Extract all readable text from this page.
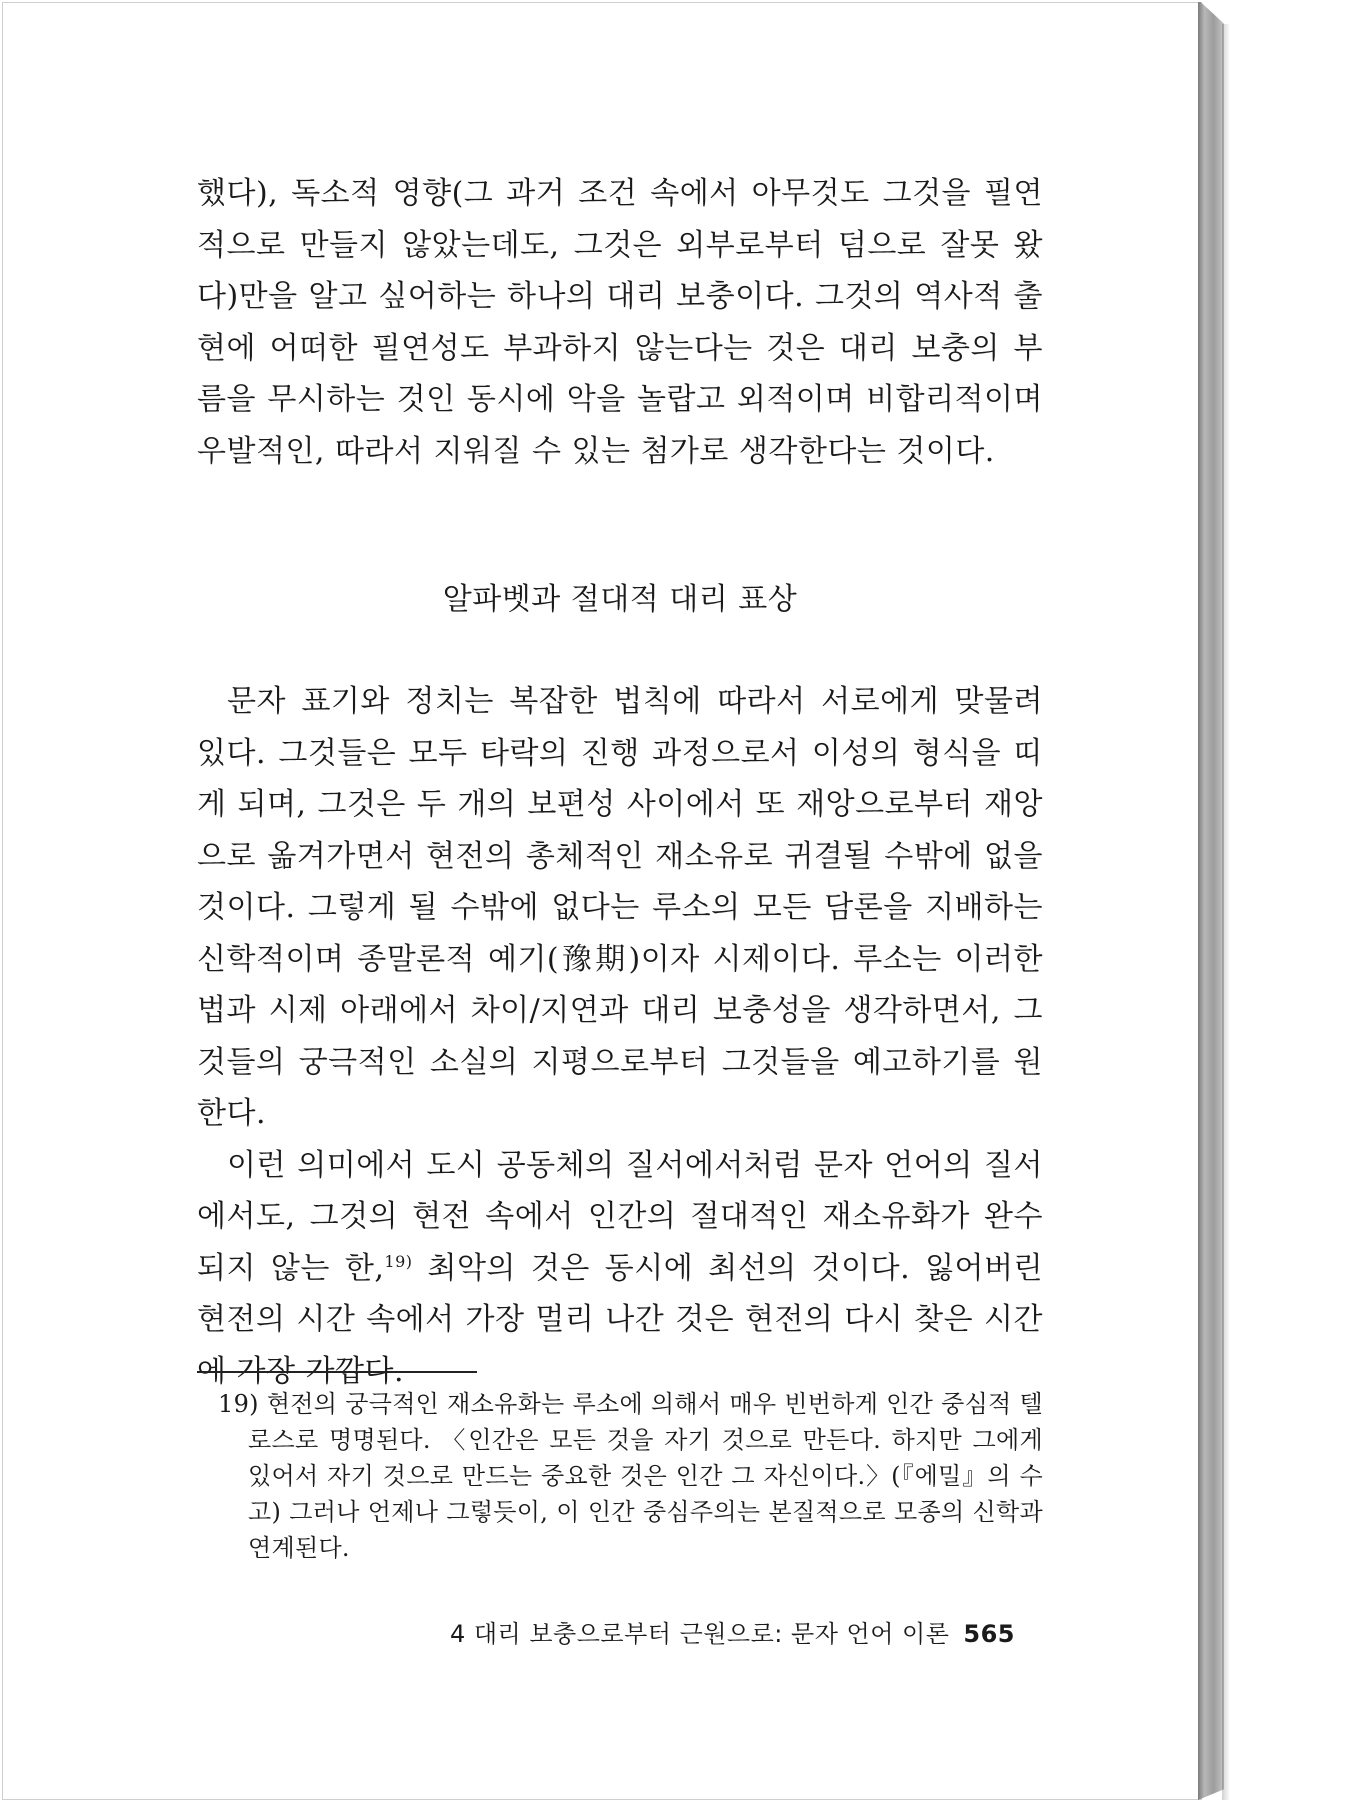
했다), 독소적 영향(그 과거 조건 속에서 아무것도 그것을 필연적으로 만들지 않았는데도, 그것은 외부로부터 덤으로 잘못 왔다)만을 알고 싶어하는 하나의 대리 보충이다. 그것의 역사적 출현에 어떠한 필연성도 부과하지 않는다는 것은 대리 보충의 부름을 무시하는 것인 동시에 악을 놀랍고 외적이며 비합리적이며 우발적인, 따라서 지워질 수 있는 첨가로 생각한다는 것이다.

알파벳과 절대적 대리 표상

문자 표기와 정치는 복잡한 법칙에 따라서 서로에게 맞물려 있다. 그것들은 모두 타락의 진행 과정으로서 이성의 형식을 띠게 되며, 그것은 두 개의 보편성 사이에서 또 재앙으로부터 재앙으로 옮겨가면서 현전의 총체적인 재소유로 귀결될 수밖에 없을 것이다. 그렇게 될 수밖에 없다는 루소의 모든 담론을 지배하는 신학적이며 종말론적 예기(豫期)이자 시제이다. 루소는 이러한 법과 시제 아래에서 차이/지연과 대리 보충성을 생각하면서, 그것들의 궁극적인 소실의 지평으로부터 그것들을 예고하기를 원한다.

이런 의미에서 도시 공동체의 질서에서처럼 문자 언어의 질서에서도, 그것의 현전 속에서 인간의 절대적인 재소유화가 완수되지 않는 한,$^{19)}$ 최악의 것은 동시에 최선의 것이다. 잃어버린 현전의 시간 속에서 가장 멀리 나간 것은 현전의 다시 찾은 시간에 가장 가깝다.

19) 현전의 궁극적인 재소유화는 루소에 의해서 매우 빈번하게 인간 중심적 텔로스로 명명된다. 〈인간은 모든 것을 자기 것으로 만든다. 하지만 그에게 있어서 자기 것으로 만드는 중요한 것은 인간 그 자신이다.〉(『에밀』의 수고) 그러나 언제나 그렇듯이, 이 인간 중심주의는 본질적으로 모종의 신학과 연계된다.
4 대리 보충으로부터 근원으로: 문자 언어 이론 565
